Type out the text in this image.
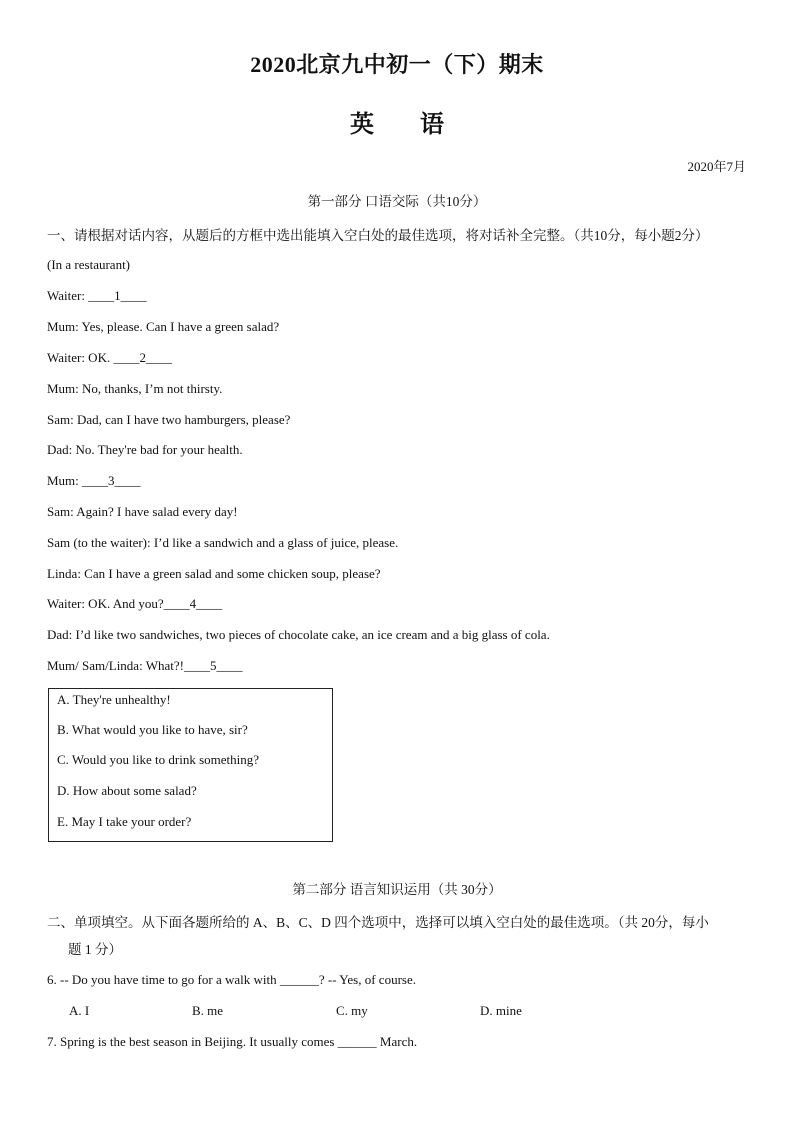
2020北京九中初一（下）期末
英 语
2020年7月
第一部分 口语交际（共10分）
一、请根据对话内容，从题后的方框中选出能填入空白处的最佳选项，将对话补全完整。（共10分，每小题2分）
(In a restaurant)
Waiter: ____1____
Mum: Yes, please. Can I have a green salad?
Waiter: OK. ____2____
Mum: No, thanks, I’m not thirsty.
Sam: Dad, can I have two hamburgers, please?
Dad: No. They're bad for your health.
Mum: ____3____
Sam: Again? I have salad every day!
Sam (to the waiter): I’d like a sandwich and a glass of juice, please.
Linda: Can I have a green salad and some chicken soup, please?
Waiter: OK. And you?____4____
Dad: I’d like two sandwiches, two pieces of chocolate cake, an ice cream and a big glass of cola.
Mum/ Sam/Linda: What?!____5____
A. They're unhealthy!
B. What would you like to have, sir?
C. Would you like to drink something?
D. How about some salad?
E. May I take your order?
第二部分 语言知识运用（共 30分）
二、单项填空。从下面各题所给的 A、B、C、D 四个选项中，选择可以填入空白处的最佳选项。（共 20分，每小
题 1 分）
6. -- Do you have time to go for a walk with ______? -- Yes, of course.
A. I	B. me	C. my	D. mine
7. Spring is the best season in Beijing. It usually comes ______ March.
